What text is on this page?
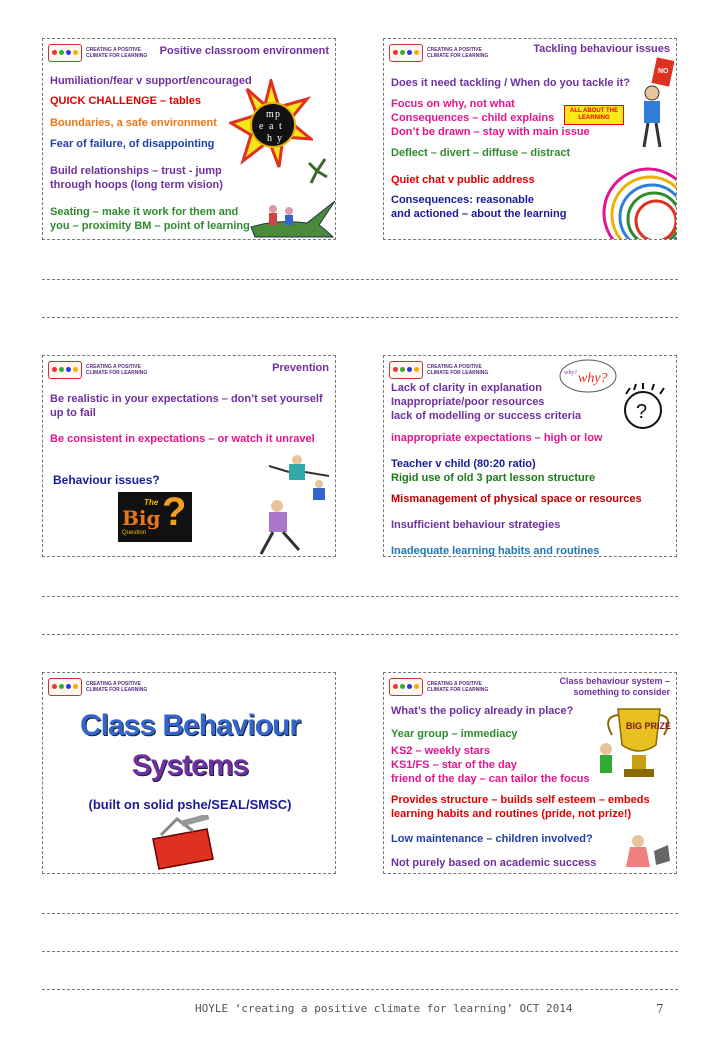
CREATING A POSITIVE
CLIMATE FOR LEARNING Positive classroom environment
Humiliation/fear v support/encouraged
QUICK CHALLENGE – tables
Boundaries, a safe environment
Fear of failure, of disappointing
Build relationships – trust - jump
through hoops (long term vision)
Seating – make it work for them and
you – proximity BM – point of learning
m p
e a t
h y
CREATING A POSITIVE
CLIMATE FOR LEARNING
Tackling behaviour issues
Does it need tackling / When do you tackle it?
Focus on why, not what
Consequences – child explains
Don’t be drawn – stay with main issue
Deflect – divert – diffuse – distract
Quiet chat v public address
Consequences: reasonable
and actioned – about the learning
ALL ABOUT THE LEARNING
NO
CREATING A POSITIVE
CLIMATE FOR LEARNING	Prevention
Be realistic in your expectations – don’t set yourself
up to fail
Be consistent in expectations – or watch it unravel
Behaviour issues?
The
Big ?
Question
CREATING A POSITIVE
CLIMATE FOR LEARNING
Lack of clarity in explanation
Inappropriate/poor resources
lack of modelling or success criteria
inappropriate expectations – high or low
Teacher v child (80:20 ratio)
Rigid use of old 3 part lesson structure
Mismanagement of physical space or resources
Insufficient behaviour strategies
Inadequate learning habits and routines
why?
why?
?
CREATING A POSITIVE
CLIMATE FOR LEARNING
Class Behaviour
Systems
(built on solid pshe/SEAL/SMSC)
CREATING A POSITIVE
CLIMATE FOR LEARNING
Class behaviour system –
something to consider
What’s the policy already in place?
Year group – immediacy
KS2 – weekly stars
KS1/FS – star of the day
friend of the day – can tailor the focus
Provides structure – builds self esteem – embeds
learning habits and routines (pride, not prize!)
Low maintenance – children involved?
Not purely based on academic success
BIG PRIZE
HOYLE ‘creating a positive climate for learning’ OCT 2014	7
